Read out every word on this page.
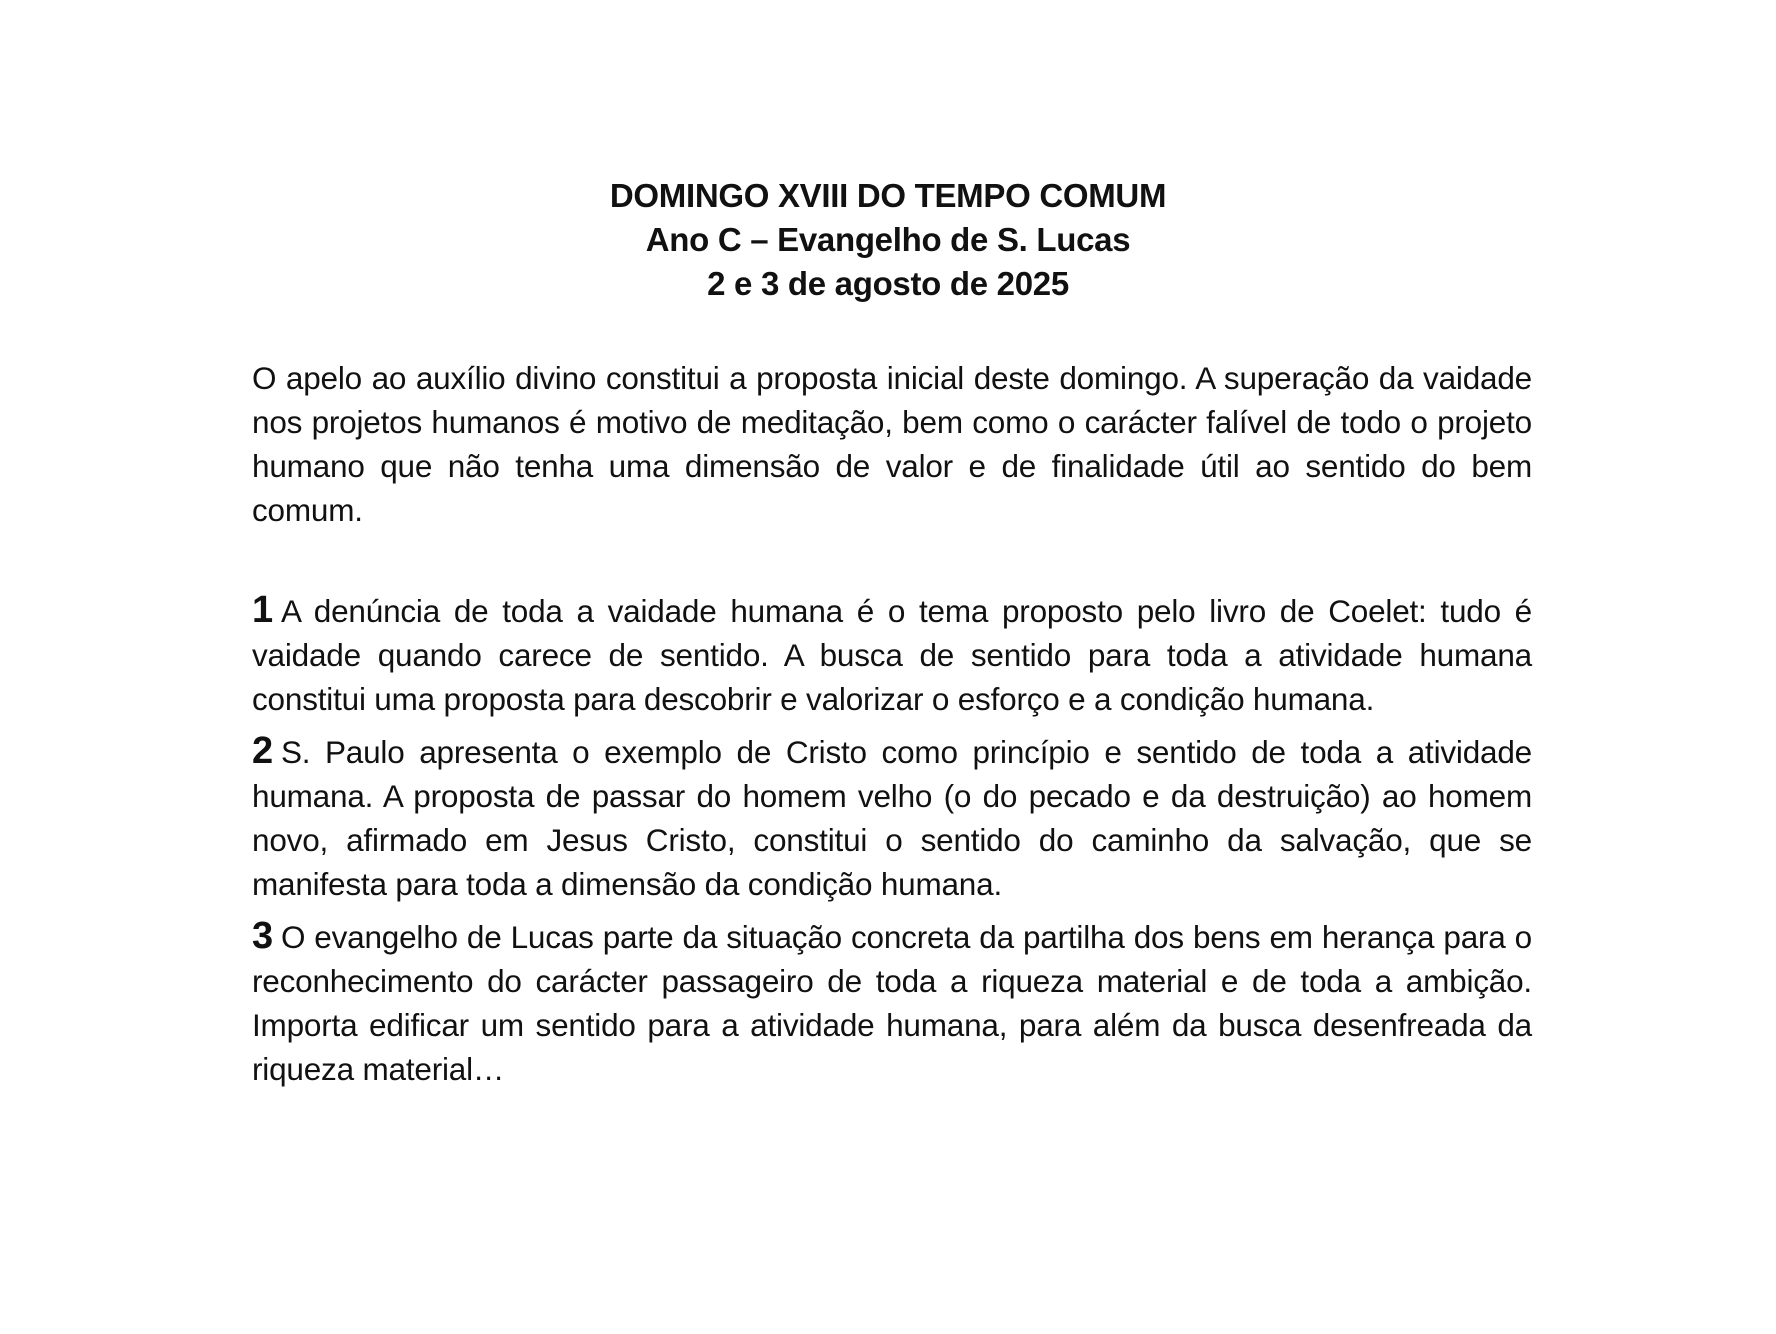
DOMINGO XVIII DO TEMPO COMUM
Ano C – Evangelho de S. Lucas
2 e 3 de agosto de 2025

O apelo ao auxílio divino constitui a proposta inicial deste domingo. A superação da vaidade nos projetos humanos é motivo de meditação, bem como o carácter falível de todo o projeto humano que não tenha uma dimensão de valor e de finalidade útil ao sentido do bem comum.

1 A denúncia de toda a vaidade humana é o tema proposto pelo livro de Coelet: tudo é vaidade quando carece de sentido. A busca de sentido para toda a atividade humana constitui uma proposta para descobrir e valorizar o esforço e a condição humana.

2 S. Paulo apresenta o exemplo de Cristo como princípio e sentido de toda a atividade humana. A proposta de passar do homem velho (o do pecado e da destruição) ao homem novo, afirmado em Jesus Cristo, constitui o sentido do caminho da salvação, que se manifesta para toda a dimensão da condição humana.

3 O evangelho de Lucas parte da situação concreta da partilha dos bens em herança para o reconhecimento do carácter passageiro de toda a riqueza material e de toda a ambição. Importa edificar um sentido para a atividade humana, para além da busca desenfreada da riqueza material…
